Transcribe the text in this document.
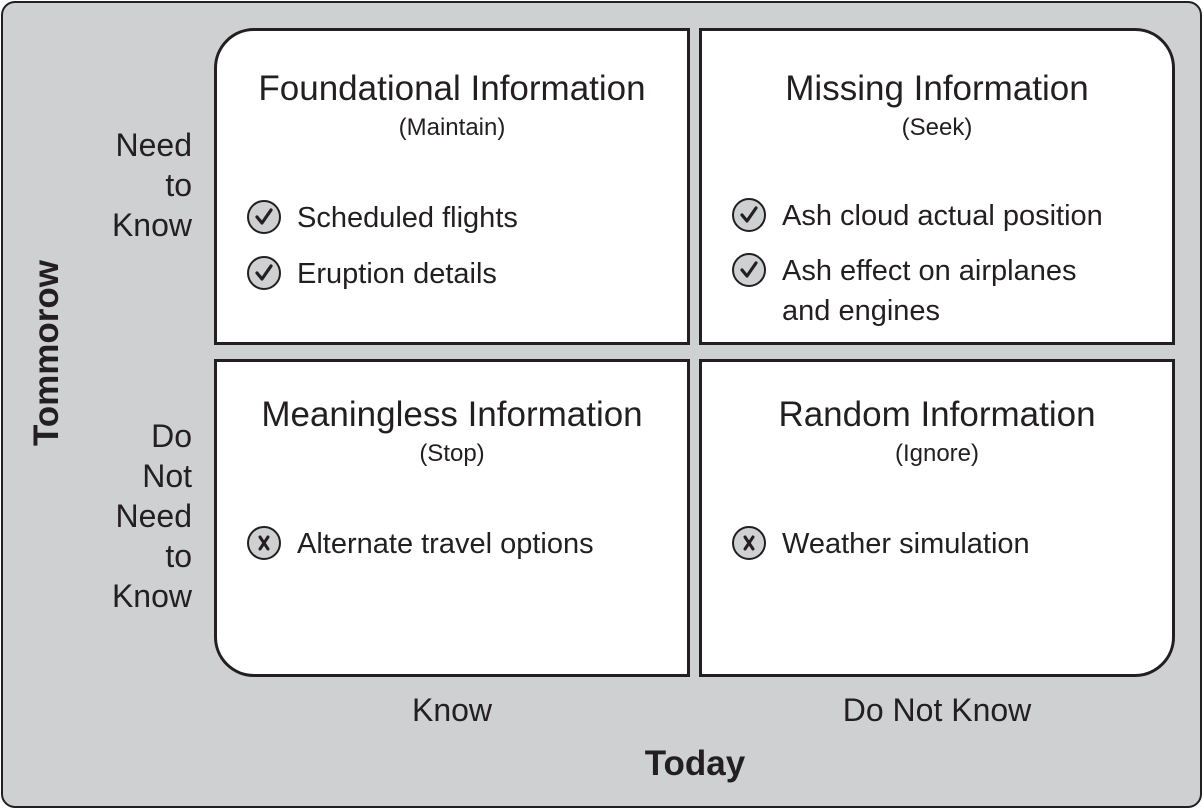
Need
to
Know
Do
Not
Need
to
Know
Tommorow
Foundational Information
(Maintain)
Scheduled flights
Eruption details
Missing Information
(Seek)
Ash cloud actual position
Ash effect on airplanes
and engines
Meaningless Information
(Stop)
Alternate travel options
Random Information
(Ignore)
Weather simulation
Know	Do Not Know
Today
